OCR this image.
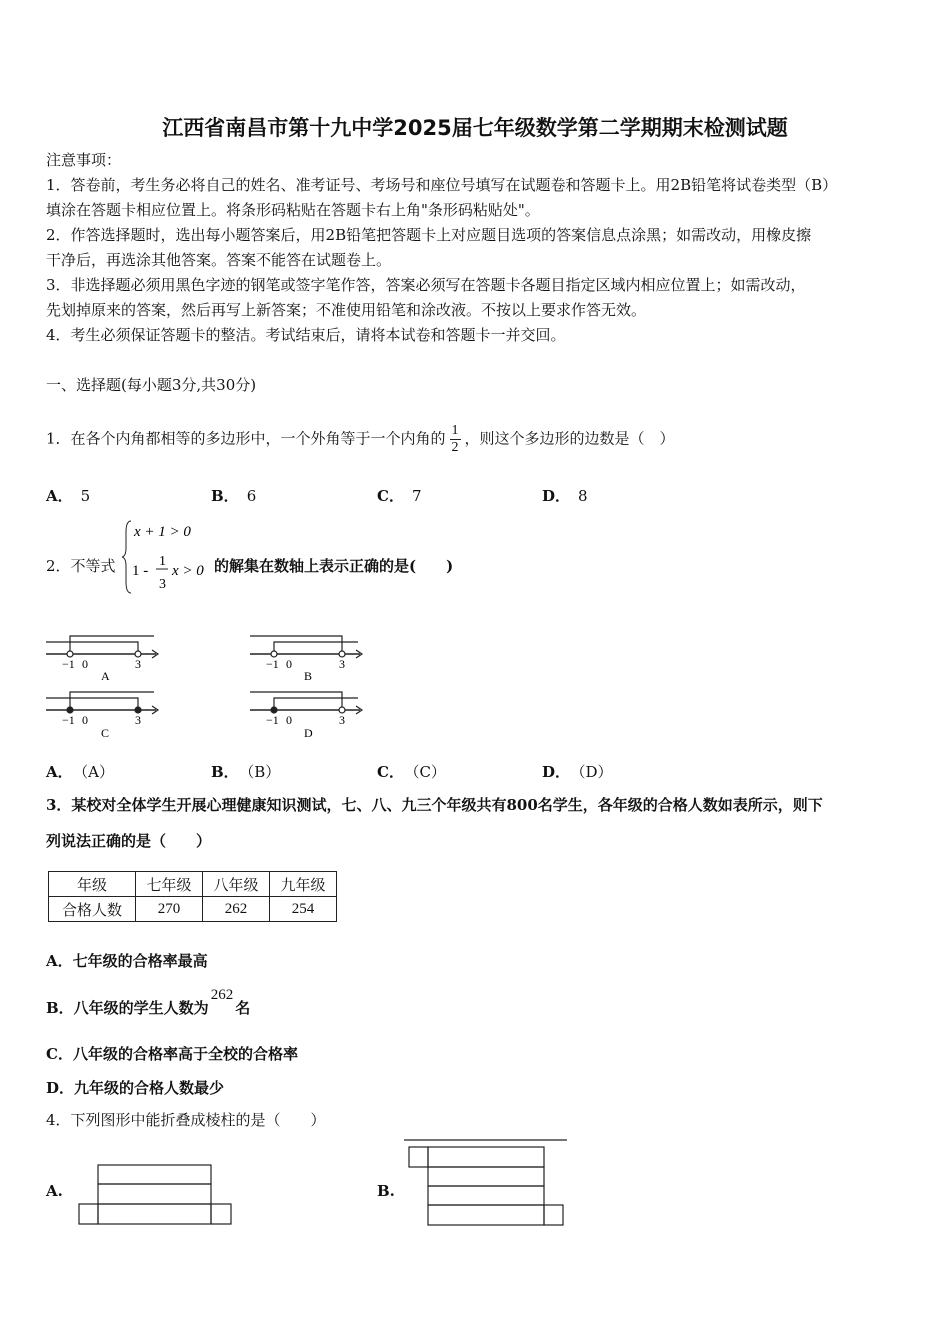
江西省南昌市第十九中学2025届七年级数学第二学期期末检测试题
注意事项：
1．答卷前，考生务必将自己的姓名、准考证号、考场号和座位号填写在试题卷和答题卡上。用2B铅笔将试卷类型（B）
填涂在答题卡相应位置上。将条形码粘贴在答题卡右上角"条形码粘贴处"。
2．作答选择题时，选出每小题答案后，用2B铅笔把答题卡上对应题目选项的答案信息点涂黑；如需改动，用橡皮擦
干净后，再选涂其他答案。答案不能答在试题卷上。
3．非选择题必须用黑色字迹的钢笔或签字笔作答，答案必须写在答题卡各题目指定区域内相应位置上；如需改动，
先划掉原来的答案，然后再写上新答案；不准使用铅笔和涂改液。不按以上要求作答无效。
4．考生必须保证答题卡的整洁。考试结束后，请将本试卷和答题卡一并交回。
一、选择题(每小题3分,共30分)
1．在各个内角都相等的多边形中，一个外角等于一个内角的 $\frac{1}{2}$ ，则这个多边形的边数是（　）
A． 5	B． 6	C． 7	D． 8
2．不等式
x + 1 > 0
1 -
1
3
x > 0 的解集在数轴上表示正确的是(　　)
−1 0	3
A
−1 0	3
B
−1 0	3
C
−1 0	3
D
A． （A）	B． （B）	C． （C）	D． （D）
3．某校对全体学生开展心理健康知识测试，七、八、九三个年级共有800名学生，各年级的合格人数如表所示，则下
列说法正确的是（　　）
年级	七年级	八年级	九年级
合格人数	270	262	254
A．七年级的合格率最高
B．八年级的学生人数为262名
C．八年级的合格率高于全校的合格率
D．九年级的合格人数最少
4．下列图形中能折叠成棱柱的是（　　）
A.	B.
